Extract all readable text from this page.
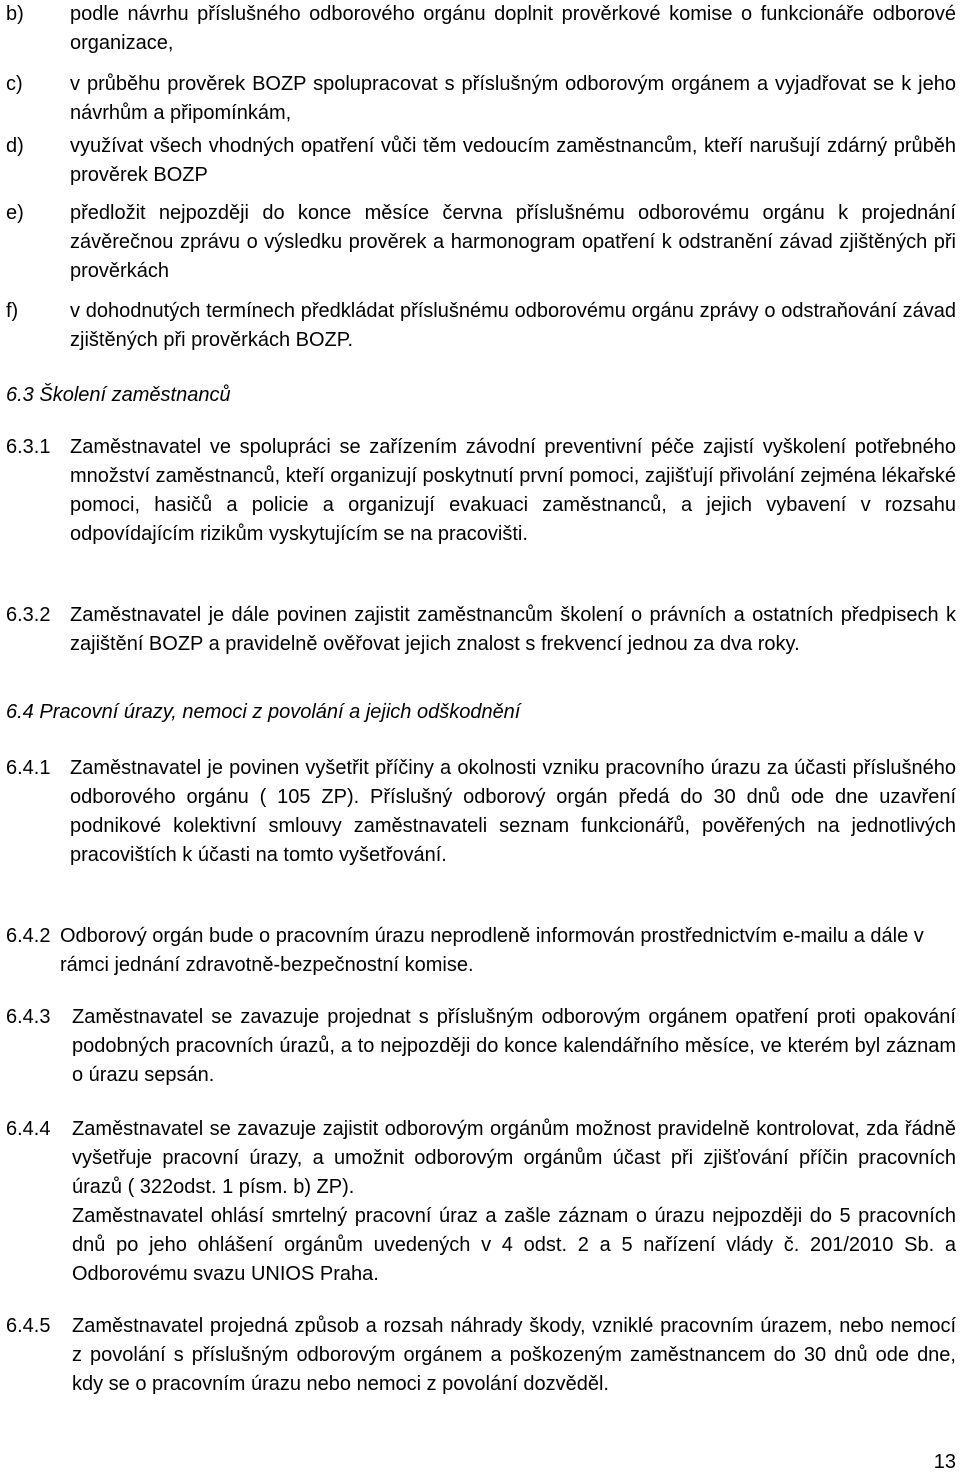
b)	podle návrhu příslušného odborového orgánu doplnit prověrkové komise o funkcionáře odborové organizace,
c)	v průběhu prověrek BOZP spolupracovat s příslušným odborovým orgánem a vyjadřovat se k jeho návrhům a připomínkám,
d)	využívat všech vhodných opatření vůči těm vedoucím zaměstnancům, kteří narušují zdárný průběh prověrek BOZP
e)	předložit nejpozději do konce měsíce června příslušnému odborovému orgánu k projednání závěrečnou zprávu o výsledku prověrek a harmonogram opatření k odstranění závad zjištěných při prověrkách
f)	v dohodnutých termínech předkládat příslušnému odborovému orgánu zprávy o odstraňování závad zjištěných při prověrkách BOZP.
6.3 Školení zaměstnanců
6.3.1 Zaměstnavatel ve spolupráci se zařízením závodní preventivní péče zajistí vyškolení potřebného množství zaměstnanců, kteří organizují poskytnutí první pomoci, zajišťují přivolání zejména lékařské pomoci, hasičů a policie a organizují evakuaci zaměstnanců, a jejich vybavení v rozsahu odpovídajícím rizikům vyskytujícím se na pracovišti.
6.3.2 Zaměstnavatel je dále povinen zajistit zaměstnancům školení o právních a ostatních předpisech k zajištění BOZP a pravidelně ověřovat jejich znalost s frekvencí jednou za dva roky.
6.4 Pracovní úrazy, nemoci z povolání a jejich odškodnění
6.4.1 Zaměstnavatel je povinen vyšetřit příčiny a okolnosti vzniku pracovního úrazu za účasti příslušného odborového orgánu ( 105 ZP). Příslušný odborový orgán předá do 30 dnů ode dne uzavření podnikové kolektivní smlouvy zaměstnavateli seznam funkcionářů, pověřených na jednotlivých pracovištích k účasti na tomto vyšetřování.
6.4.2 Odborový orgán bude o pracovním úrazu neprodleně informován prostřednictvím e-mailu a dále v rámci jednání zdravotně-bezpečnostní komise.
6.4.3	Zaměstnavatel se zavazuje projednat s příslušným odborovým orgánem opatření proti opakování podobných pracovních úrazů, a to nejpozději do konce kalendářního měsíce, ve kterém byl záznam o úrazu sepsán.
6.4.4	Zaměstnavatel se zavazuje zajistit odborovým orgánům možnost pravidelně kontrolovat, zda řádně vyšetřuje pracovní úrazy, a umožnit odborovým orgánům účast při zjišťování příčin pracovních úrazů ( 322odst. 1 písm. b) ZP).

Zaměstnavatel ohlásí smrtelný pracovní úraz a zašle záznam o úrazu nejpozději do 5 pracovních dnů po jeho ohlášení orgánům uvedených v 4 odst. 2 a 5 nařízení vlády č. 201/2010 Sb. a Odborovému svazu UNIOS Praha.

6.4.5	Zaměstnavatel projedná způsob a rozsah náhrady škody, vzniklé pracovním úrazem, nebo nemocí z povolání s příslušným odborovým orgánem a poškozeným zaměstnancem do 30 dnů ode dne, kdy se o pracovním úrazu nebo nemoci z povolání dozvěděl.
13
